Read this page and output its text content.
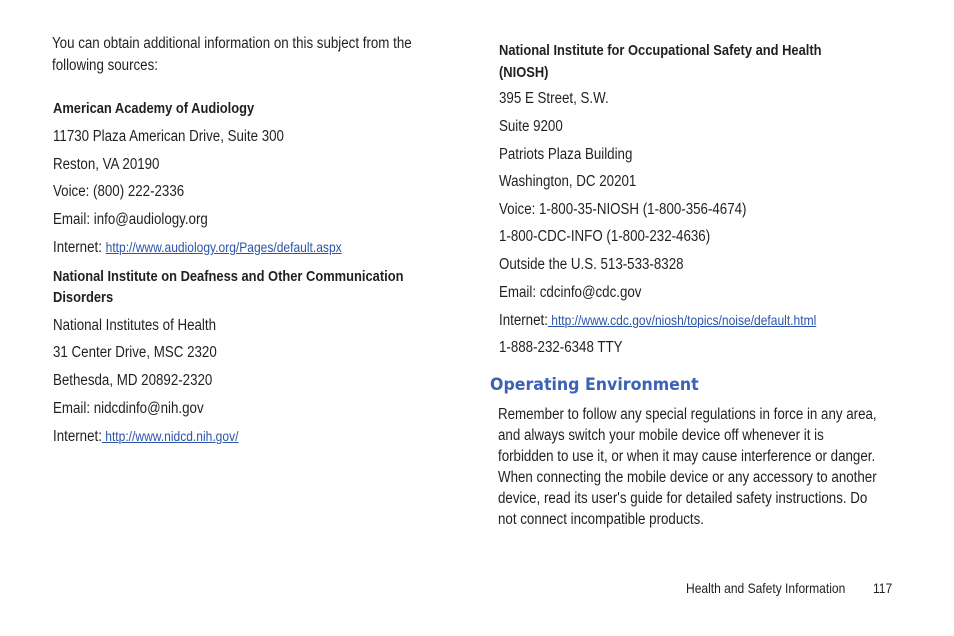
You can obtain additional information on this subject from the
following sources:
American Academy of Audiology
11730 Plaza American Drive, Suite 300
Reston, VA 20190
Voice: (800) 222-2336
Email: info@audiology.org
Internet: http://www.audiology.org/Pages/default.aspx
National Institute on Deafness and Other Communication
Disorders
National Institutes of Health
31 Center Drive, MSC 2320
Bethesda, MD 20892-2320
Email: nidcdinfo@nih.gov
Internet: http://www.nidcd.nih.gov/
National Institute for Occupational Safety and Health
(NIOSH)
395 E Street, S.W.
Suite 9200
Patriots Plaza Building
Washington, DC 20201
Voice: 1-800-35-NIOSH (1-800-356-4674)
1-800-CDC-INFO (1-800-232-4636)
Outside the U.S. 513-533-8328
Email: cdcinfo@cdc.gov
Internet: http://www.cdc.gov/niosh/topics/noise/default.html
1-888-232-6348 TTY
Operating Environment
Remember to follow any special regulations in force in any area,
and always switch your mobile device off whenever it is
forbidden to use it, or when it may cause interference or danger.
When connecting the mobile device or any accessory to another
device, read its user's guide for detailed safety instructions. Do
not connect incompatible products.
Health and Safety Information 117
